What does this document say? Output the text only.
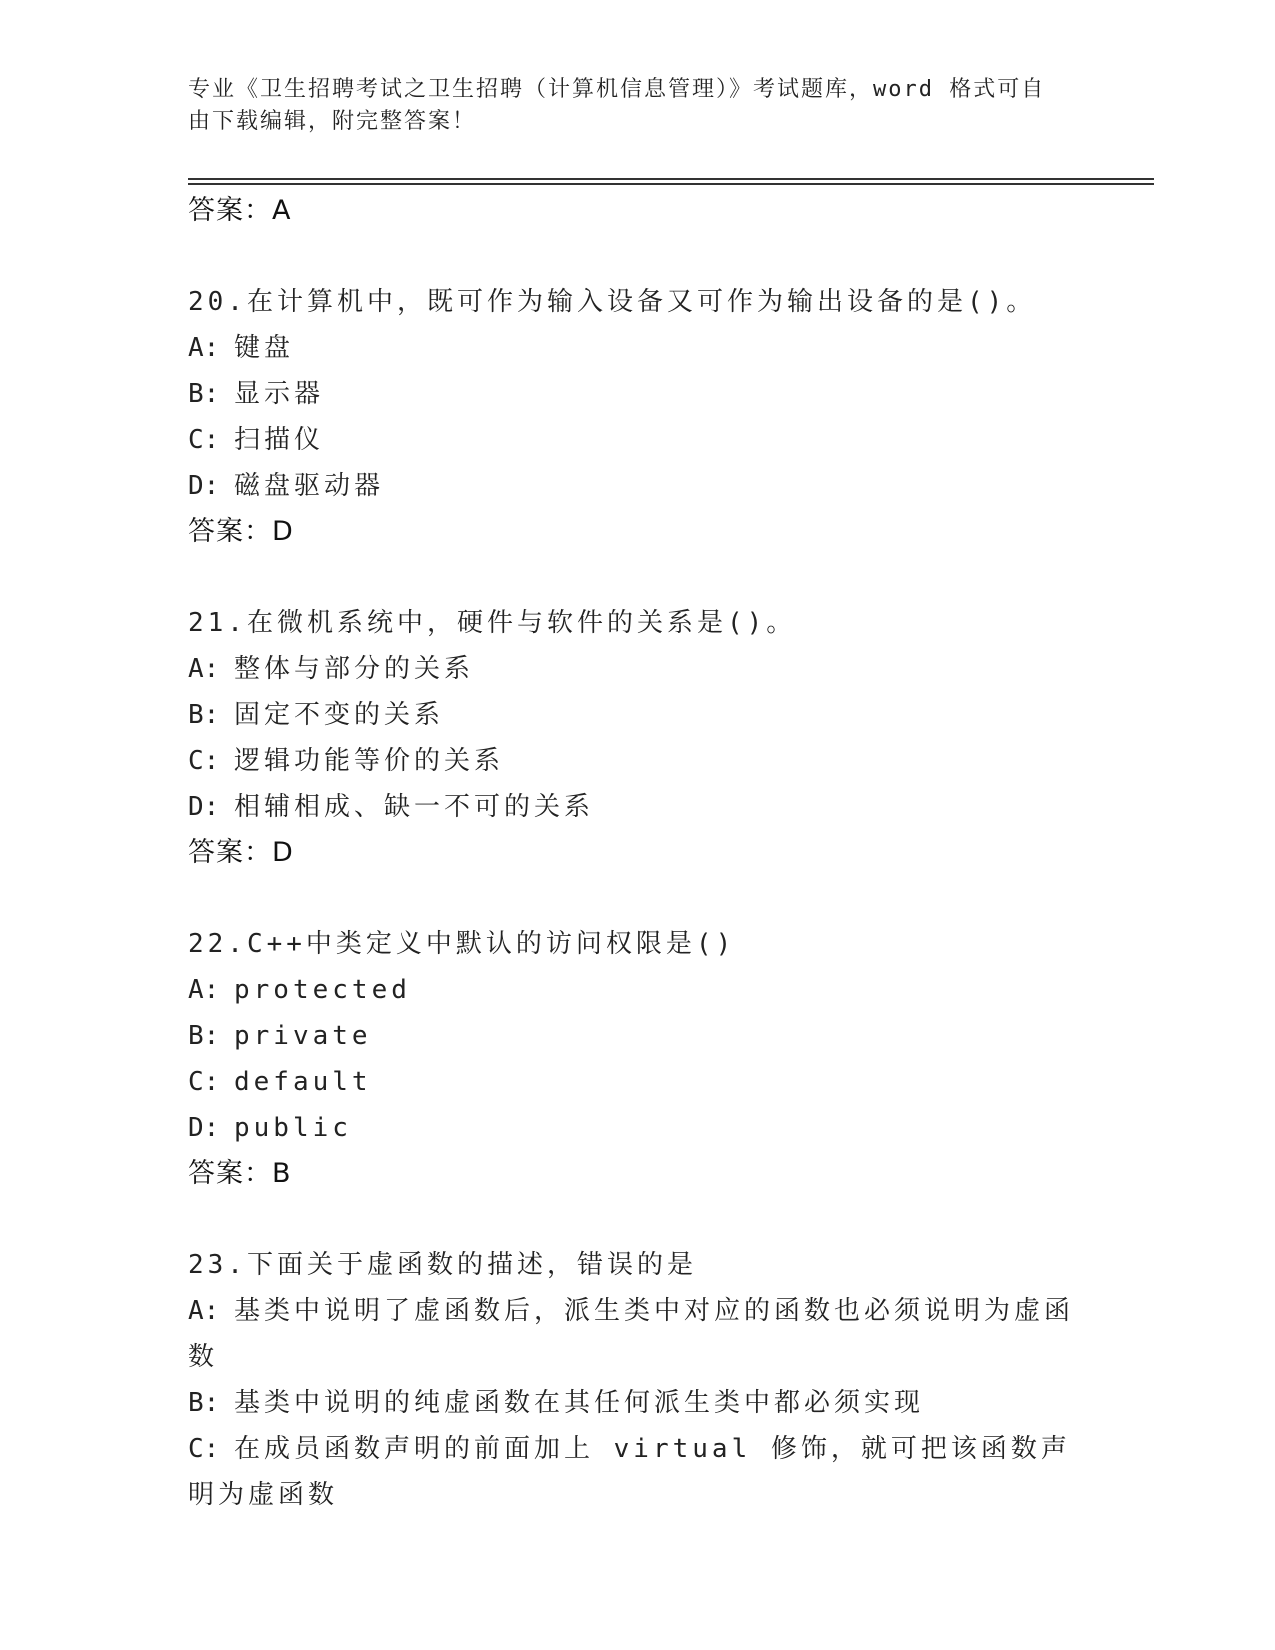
专业《卫生招聘考试之卫生招聘（计算机信息管理）》考试题库，word 格式可自由下载编辑，附完整答案！
答案：A
20.在计算机中，既可作为输入设备又可作为输出设备的是()。
A: 键盘
B: 显示器
C: 扫描仪
D: 磁盘驱动器
答案：D
21.在微机系统中，硬件与软件的关系是()。
A: 整体与部分的关系
B: 固定不变的关系
C: 逻辑功能等价的关系
D: 相辅相成、缺一不可的关系
答案：D
22.C++中类定义中默认的访问权限是()
A: protected
B: private
C: default
D: public
答案：B
23.下面关于虚函数的描述，错误的是
A: 基类中说明了虚函数后，派生类中对应的函数也必须说明为虚函数
B: 基类中说明的纯虚函数在其任何派生类中都必须实现
C: 在成员函数声明的前面加上 virtual 修饰，就可把该函数声明为虚函数
